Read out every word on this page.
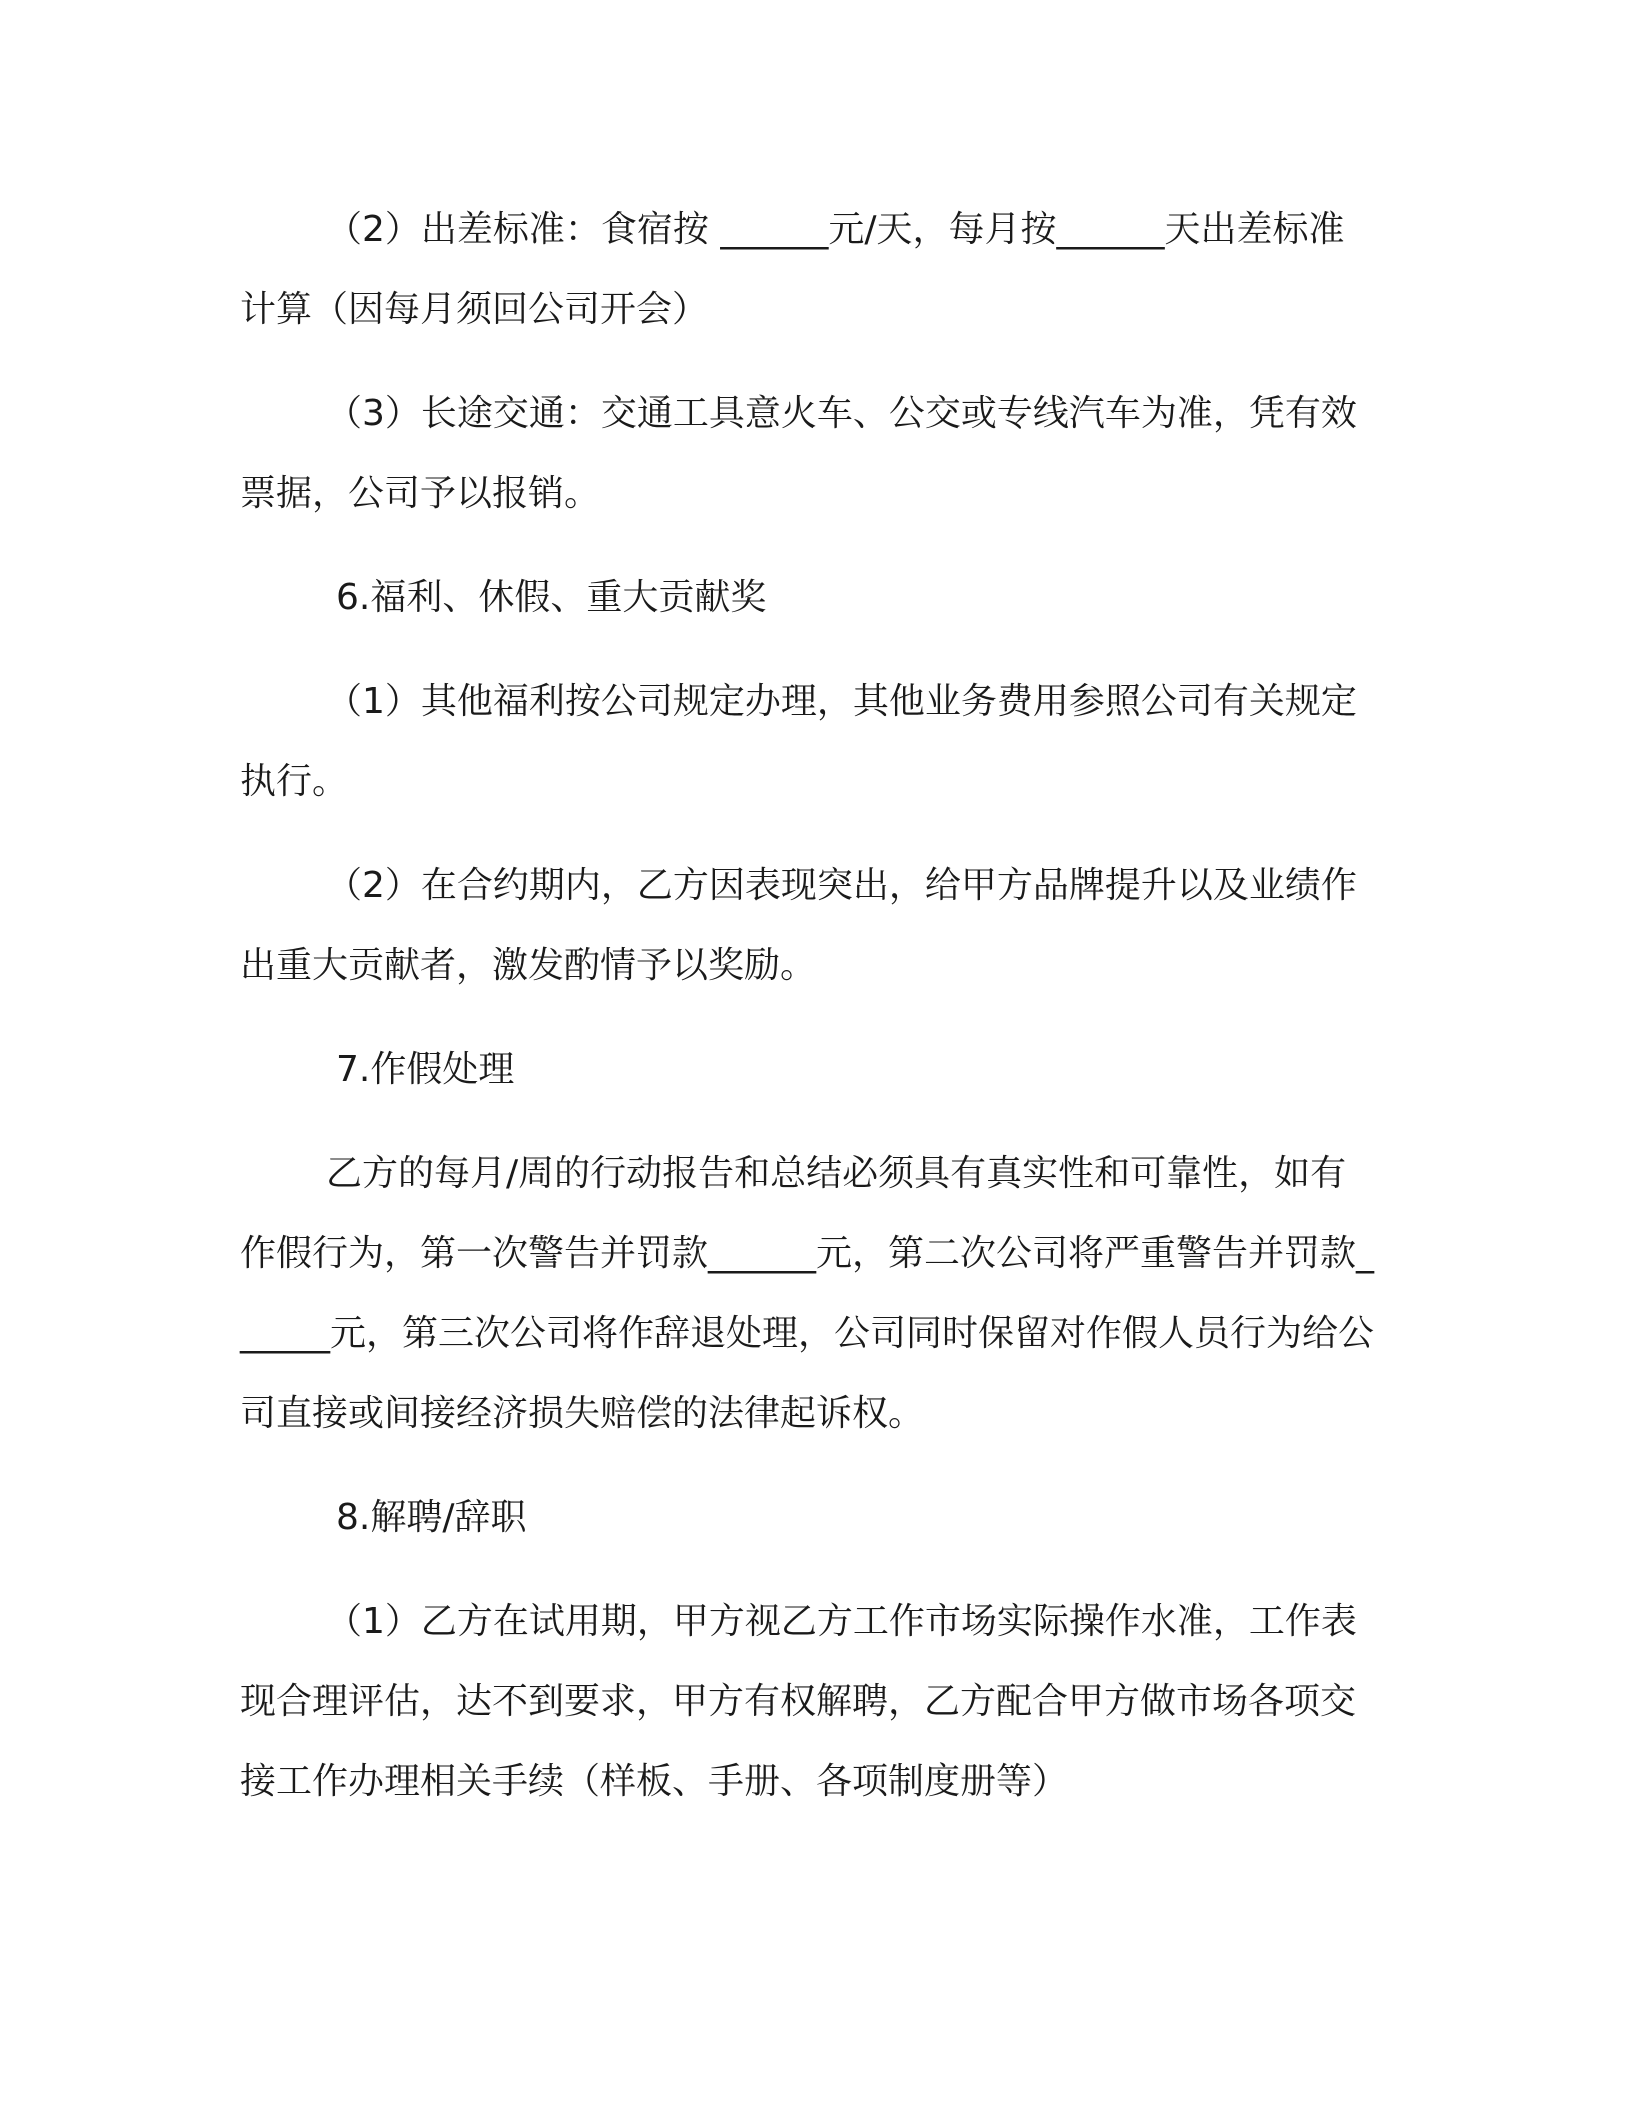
（2）出差标准：食宿按 ______元/天，每月按______天出差标准计算（因每月须回公司开会）

（3）长途交通：交通工具意火车、公交或专线汽车为准，凭有效票据，公司予以报销。

6.福利、休假、重大贡献奖

（1）其他福利按公司规定办理，其他业务费用参照公司有关规定执行。

（2）在合约期内，乙方因表现突出，给甲方品牌提升以及业绩作出重大贡献者，激发酌情予以奖励。

7.作假处理

乙方的每月/周的行动报告和总结必须具有真实性和可靠性，如有作假行为，第一次警告并罚款______元，第二次公司将严重警告并罚款______元，第三次公司将作辞退处理，公司同时保留对作假人员行为给公司直接或间接经济损失赔偿的法律起诉权。

8.解聘/辞职

（1）乙方在试用期，甲方视乙方工作市场实际操作水准，工作表现合理评估，达不到要求，甲方有权解聘，乙方配合甲方做市场各项交接工作办理相关手续（样板、手册、各项制度册等）
